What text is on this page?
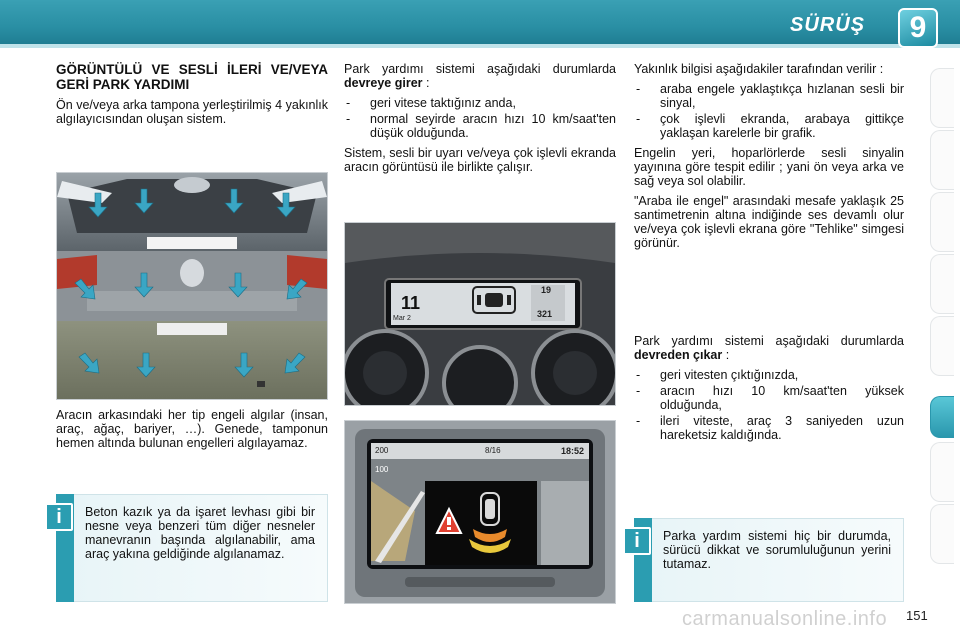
SÜRÜŞ	9
GÖRÜNTÜLÜ VE SESLİ İLERİ VE/VEYA GERİ PARK YARDIMI

Ön ve/veya arka tampona yerleştirilmiş 4 yakınlık algılayıcısından oluşan sistem.

Aracın arkasındaki her tip engeli algılar (insan, araç, ağaç, bariyer, …). Genede, tamponun hemen altında bulunan engelleri algılayamaz.

i	Beton kazık ya da işaret levhası gibi bir nesne veya benzeri tüm diğer nesneler manevranın başında algılanabilir, ama araç yakına geldiğinde algılanamaz.

Park yardımı sistemi aşağıdaki durumlarda devreye girer :

- geri vitese taktığınız anda,
- normal seyirde aracın hızı 10 km/saat'ten düşük olduğunda.

Sistem, sesli bir uyarı ve/veya çok işlevli ekranda aracın görüntüsü ile birlikte çalışır.

11
Mar 2
19
321
18:52
200
100
8/16

Yakınlık bilgisi aşağıdakiler tarafından verilir :

- araba engele yaklaştıkça hızlanan sesli bir sinyal,
- çok işlevli ekranda, arabaya gittikçe yaklaşan karelerle bir grafik.

Engelin yeri, hoparlörlerde sesli sinyalin yayınına göre tespit edilir ; yani ön veya arka ve sağ veya sol olabilir.

"Araba ile engel" arasındaki mesafe yaklaşık 25 santimetrenin altına indiğinde ses devamlı olur ve/veya çok işlevli ekrana göre "Tehlike" simgesi görünür.

Park yardımı sistemi aşağıdaki durumlarda devreden çıkar :

- geri vitesten çıktığınızda,
- aracın hızı 10 km/saat'ten yüksek olduğunda,
- ileri viteste, araç 3 saniyeden uzun hareketsiz kaldığında.
i	Parka yardım sistemi hiç bir durumda, sürücü dikkat ve sorumluluğunun yerini tutamaz.
carmanualsonline.info 151
